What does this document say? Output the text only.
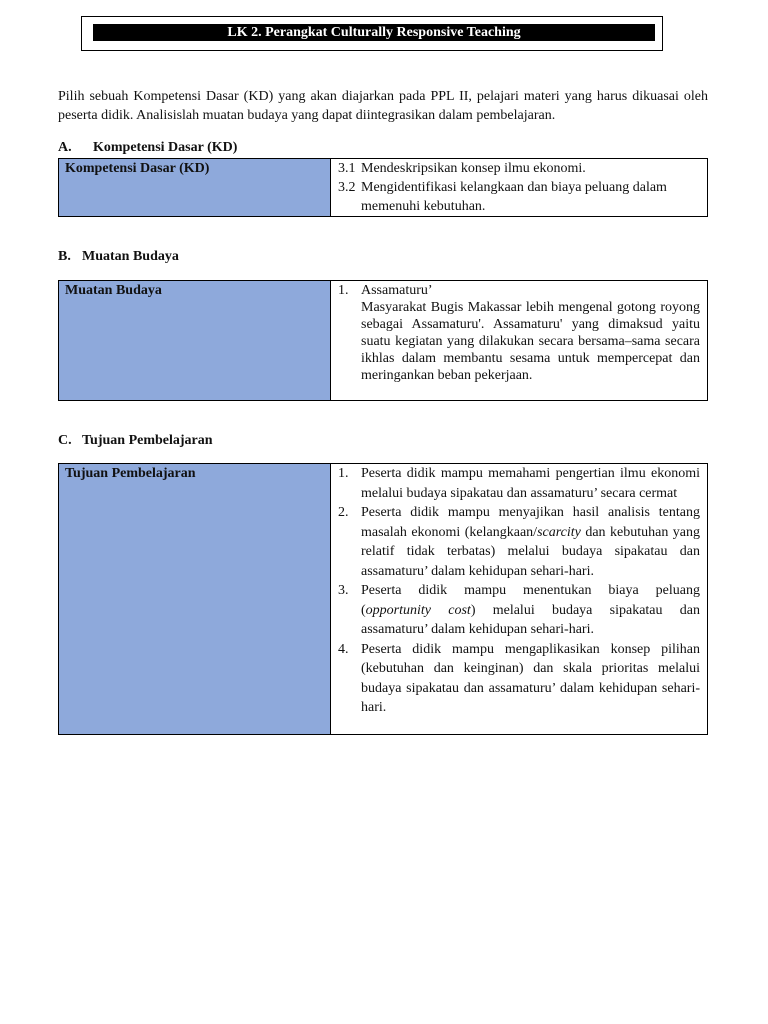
LK 2. Perangkat Culturally Responsive Teaching

Pilih sebuah Kompetensi Dasar (KD) yang akan diajarkan pada PPL II, pelajari materi yang harus dikuasai oleh peserta didik. Analisislah muatan budaya yang dapat diintegrasikan dalam pembelajaran.

A. Kompetensi Dasar (KD)
Kompetensi Dasar (KD)	3.1 Mendeskripsikan konsep ilmu ekonomi.
3.2 Mengidentifikasi kelangkaan dan biaya peluang dalam memenuhi kebutuhan.
B. Muatan Budaya
Muatan Budaya	1. Assamaturu’

Masyarakat Bugis Makassar lebih mengenal gotong royong sebagai Assamaturu'. Assamaturu' yang dimaksud yaitu suatu kegiatan yang dilakukan secara bersama–sama secara ikhlas dalam membantu sesama untuk mempercepat dan meringankan beban pekerjaan.

C. Tujuan Pembelajaran
Tujuan Pembelajaran	1. Peserta didik mampu memahami pengertian ilmu ekonomi melalui budaya sipakatau dan assamaturu’ secara cermat
2. Peserta didik mampu menyajikan hasil analisis tentang masalah ekonomi (kelangkaan/scarcity dan kebutuhan yang relatif tidak terbatas) melalui budaya sipakatau dan assamaturu’ dalam kehidupan sehari-hari.
3. Peserta didik mampu menentukan biaya peluang (opportunity cost) melalui budaya sipakatau dan assamaturu’ dalam kehidupan sehari-hari.
4. Peserta didik mampu mengaplikasikan konsep pilihan (kebutuhan dan keinginan) dan skala prioritas melalui budaya sipakatau dan assamaturu’ dalam kehidupan sehari-hari.
